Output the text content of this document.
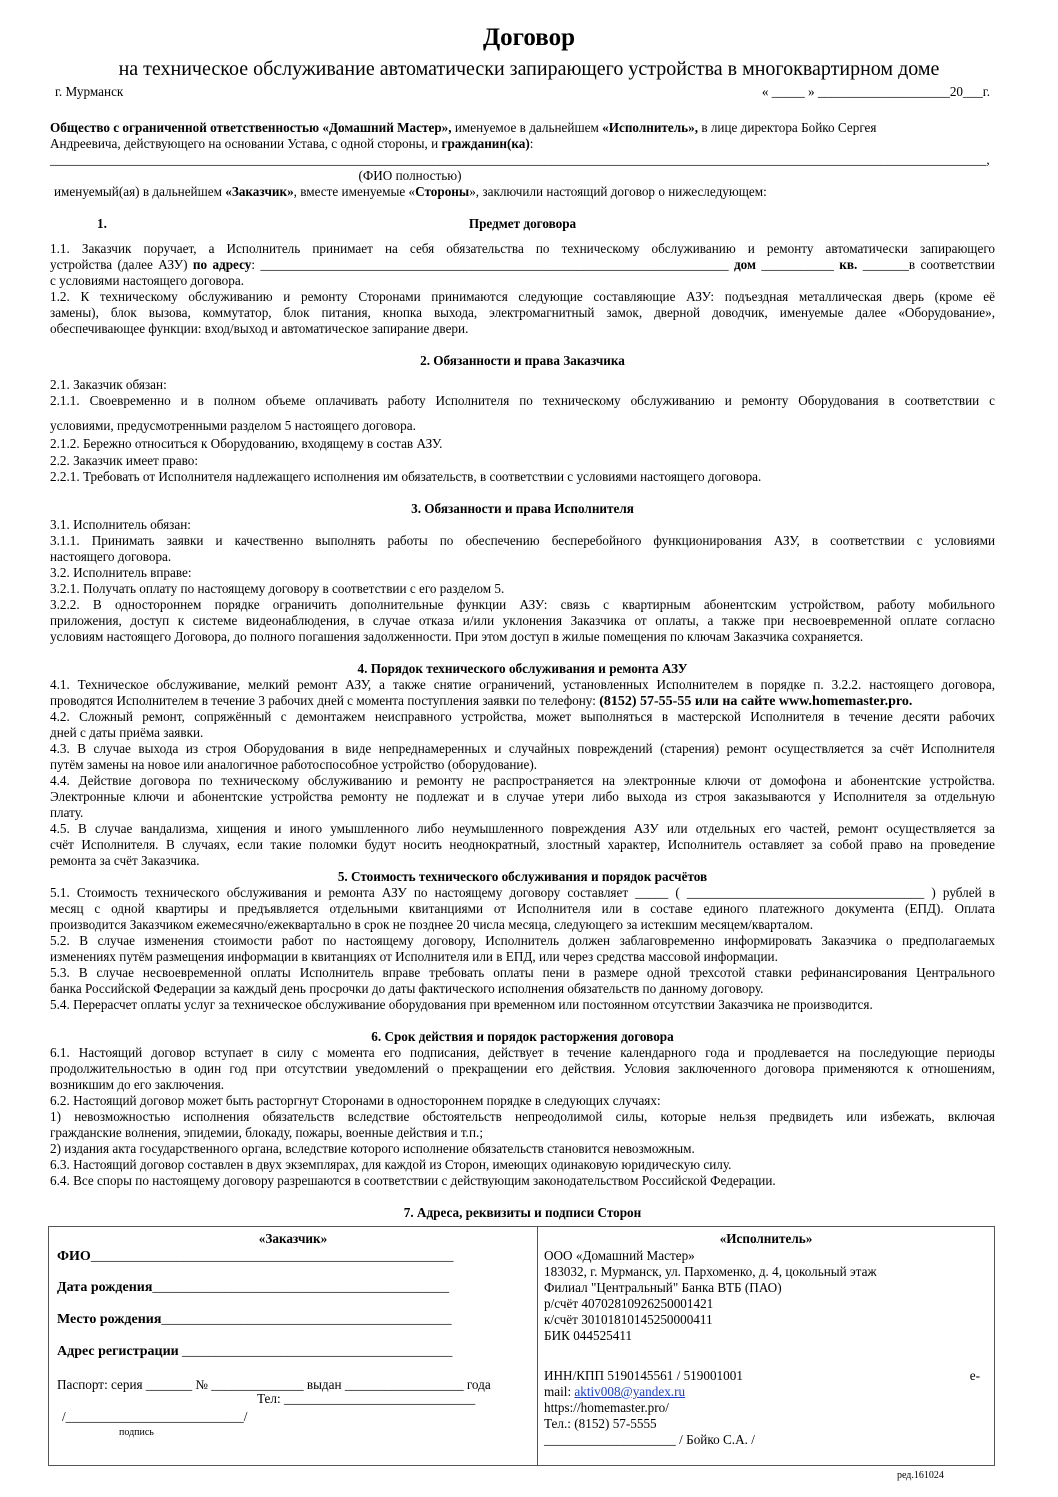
Договор
на техническое обслуживание автоматически запирающего устройства в многоквартирном доме
г. Мурманск	« _____ » ____________________20___г.
Общество с ограниченной ответственностью «Домашний Мастер», именуемое в дальнейшем «Исполнитель», в лице директора Бойко Сергея
Андреевича, действующего на основании Устава, с одной стороны, и гражданин(ка):
______________________________________________________________________________________________________________________________________________,
(ФИО полностью)
именуемый(ая) в дальнейшем «Заказчик», вместе именуемые «Стороны», заключили настоящий договор о нижеследующем:
1.	Предмет договора
1.1. Заказчик поручает, а Исполнитель принимает на себя обязательства по техническому обслуживанию и ремонту автоматически запирающего
устройства (далее АЗУ) по адресу: _______________________________________________________________________ дом ___________ кв. _______в соответствии
с условиями настоящего договора.
1.2. К техническому обслуживанию и ремонту Сторонами принимаются следующие составляющие АЗУ: подъездная металлическая дверь (кроме её
замены), блок вызова, коммутатор, блок питания, кнопка выхода, электромагнитный замок, дверной доводчик, именуемые далее «Оборудование»,
обеспечивающее функции: вход/выход и автоматическое запирание двери.
2. Обязанности и права Заказчика
2.1. Заказчик обязан:
2.1.1. Своевременно и в полном объеме оплачивать работу Исполнителя по техническому обслуживанию и ремонту Оборудования в соответствии с
условиями, предусмотренными разделом 5 настоящего договора.
2.1.2. Бережно относиться к Оборудованию, входящему в состав АЗУ.
2.2. Заказчик имеет право:
2.2.1. Требовать от Исполнителя надлежащего исполнения им обязательств, в соответствии с условиями настоящего договора.
3. Обязанности и права Исполнителя
3.1. Исполнитель обязан:
3.1.1. Принимать заявки и качественно выполнять работы по обеспечению бесперебойного функционирования АЗУ, в соответствии с условиями
настоящего договора.
3.2. Исполнитель вправе:
3.2.1. Получать оплату по настоящему договору в соответствии с его разделом 5.
3.2.2. В одностороннем порядке ограничить дополнительные функции АЗУ: связь с квартирным абонентским устройством, работу мобильного
приложения, доступ к системе видеонаблюдения, в случае отказа и/или уклонения Заказчика от оплаты, а также при несвоевременной оплате согласно
условиям настоящего Договора, до полного погашения задолженности. При этом доступ в жилые помещения по ключам Заказчика сохраняется.
4. Порядок технического обслуживания и ремонта АЗУ
4.1. Техническое обслуживание, мелкий ремонт АЗУ, а также снятие ограничений, установленных Исполнителем в порядке п. 3.2.2. настоящего договора,
проводятся Исполнителем в течение 3 рабочих дней с момента поступления заявки по телефону: (8152) 57-55-55 или на сайте www.homemaster.pro.
4.2. Сложный ремонт, сопряжённый с демонтажем неисправного устройства, может выполняться в мастерской Исполнителя в течение десяти рабочих
дней с даты приёма заявки.
4.3. В случае выхода из строя Оборудования в виде непреднамеренных и случайных повреждений (старения) ремонт осуществляется за счёт Исполнителя
путём замены на новое или аналогичное работоспособное устройство (оборудование).
4.4. Действие договора по техническому обслуживанию и ремонту не распространяется на электронные ключи от домофона и абонентские устройства.
Электронные ключи и абонентские устройства ремонту не подлежат и в случае утери либо выхода из строя заказываются у Исполнителя за отдельную
плату.
4.5. В случае вандализма, хищения и иного умышленного либо неумышленного повреждения АЗУ или отдельных его частей, ремонт осуществляется за
счёт Исполнителя. В случаях, если такие поломки будут носить неоднократный, злостный характер, Исполнитель оставляет за собой право на проведение
ремонта за счёт Заказчика.
5. Стоимость технического обслуживания и порядок расчётов
5.1. Стоимость технического обслуживания и ремонта АЗУ по настоящему договору составляет _____ ( ____________________________________ ) рублей в
месяц с одной квартиры и предъявляется отдельными квитанциями от Исполнителя или в составе единого платежного документа (ЕПД). Оплата
производится Заказчиком ежемесячно/ежеквартально в срок не позднее 20 числа месяца, следующего за истекшим месяцем/кварталом.
5.2. В случае изменения стоимости работ по настоящему договору, Исполнитель должен заблаговременно информировать Заказчика о предполагаемых
изменениях путём размещения информации в квитанциях от Исполнителя или в ЕПД, или через средства массовой информации.
5.3. В случае несвоевременной оплаты Исполнитель вправе требовать оплаты пени в размере одной трехсотой ставки рефинансирования Центрального
банка Российской Федерации за каждый день просрочки до даты фактического исполнения обязательств по данному договору.
5.4. Перерасчет оплаты услуг за техническое обслуживание оборудования при временном или постоянном отсутствии Заказчика не производится.
6. Срок действия и порядок расторжения договора
6.1. Настоящий договор вступает в силу с момента его подписания, действует в течение календарного года и продлевается на последующие периоды
продолжительностью в один год при отсутствии уведомлений о прекращении его действия. Условия заключенного договора применяются к отношениям,
возникшим до его заключения.
6.2. Настоящий договор может быть расторгнут Сторонами в одностороннем порядке в следующих случаях:
1) невозможностью исполнения обязательств вследствие обстоятельств непреодолимой силы, которые нельзя предвидеть или избежать, включая
гражданские волнения, эпидемии, блокаду, пожары, военные действия и т.п.;
2) издания акта государственного органа, вследствие которого исполнение обязательств становится невозможным.
6.3. Настоящий договор составлен в двух экземплярах, для каждой из Сторон, имеющих одинаковую юридическую силу.
6.4. Все споры по настоящему договору разрешаются в соответствии с действующим законодательством Российской Федерации.
7. Адреса, реквизиты и подписи Сторон
«Заказчик»
ФИО_______________________________________________________
Дата рождения_____________________________________________
Место рождения____________________________________________
Адрес регистрации _________________________________________
Паспорт: серия _______ № ______________ выдан __________________ года
Тел: _____________________________
/___________________________/
подпись

«Исполнитель»
ООО «Домашний Мастер»
183032, г. Мурманск, ул. Пархоменко, д. 4, цокольный этаж
Филиал "Центральный" Банка ВТБ (ПАО)
р/счёт 40702810926250001421
к/счёт 30101810145250000411
БИК 044525411
ИНН/КПП 5190145561 / 519001001	e-
mail: aktiv008@yandex.ru
https://homemaster.pro/
Тел.: (8152) 57-5555
____________________ / Бойко С.А. /
ред.161024
